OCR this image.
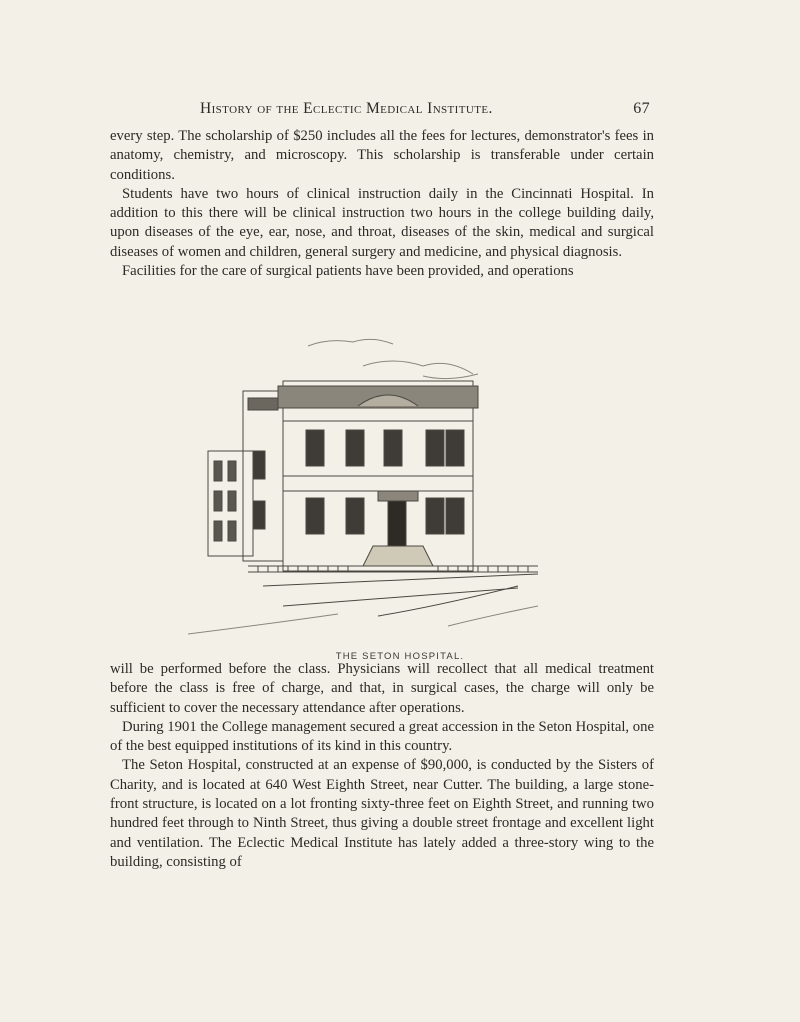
History of the Eclectic Medical Institute.	67

every step. The scholarship of $250 includes all the fees for lectures, demonstrator's fees in anatomy, chemistry, and microscopy. This scholarship is transferable under certain conditions.

Students have two hours of clinical instruction daily in the Cincinnati Hospital. In addition to this there will be clinical instruction two hours in the college building daily, upon diseases of the eye, ear, nose, and throat, diseases of the skin, medical and surgical diseases of women and children, general surgery and medicine, and physical diagnosis.

Facilities for the care of surgical patients have been provided, and operations

THE SETON HOSPITAL.

will be performed before the class. Physicians will recollect that all medical treatment before the class is free of charge, and that, in surgical cases, the charge will only be sufficient to cover the necessary attendance after operations.

During 1901 the College management secured a great accession in the Seton Hospital, one of the best equipped institutions of its kind in this country.

The Seton Hospital, constructed at an expense of $90,000, is conducted by the Sisters of Charity, and is located at 640 West Eighth Street, near Cutter. The building, a large stone-front structure, is located on a lot fronting sixty-three feet on Eighth Street, and running two hundred feet through to Ninth Street, thus giving a double street frontage and excellent light and ventilation. The Eclectic Medical Institute has lately added a three-story wing to the building, consisting of
